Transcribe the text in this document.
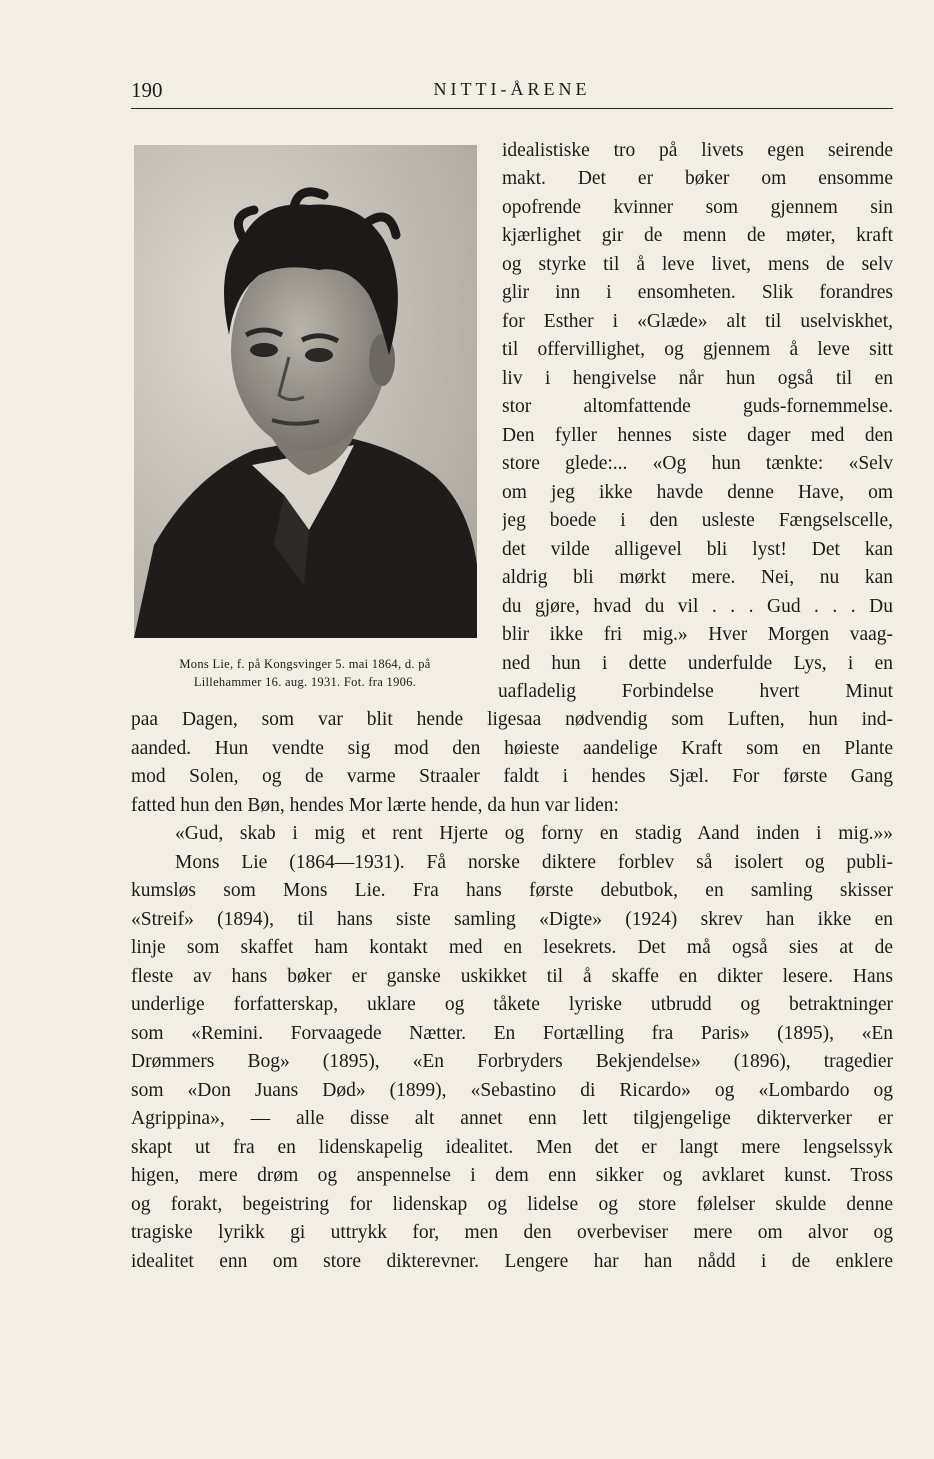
190	NITTI-ÅRENE
Mons Lie, f. på Kongsvinger 5. mai 1864, d. på
Lillehammer 16. aug. 1931. Fot. fra 1906.

idealistiske tro på livets egen seirende

makt. Det er bøker om ensomme

opofrende kvinner som gjennem sin

kjærlighet gir de menn de møter, kraft

og styrke til å leve livet, mens de selv

glir inn i ensomheten. Slik forandres

for Esther i «Glæde» alt til uselviskhet,

til offervillighet, og gjennem å leve sitt

liv i hengivelse når hun også til en

stor altomfattende guds-fornemmelse.

Den fyller hennes siste dager med den

store glede:... «Og hun tænkte: «Selv

om jeg ikke havde denne Have, om

jeg boede i den usleste Fængselscelle,

det vilde alligevel bli lyst! Det kan

aldrig bli mørkt mere. Nei, nu kan

du gjøre, hvad du vil . . . Gud . . . Du

blir ikke fri mig.» Hver Morgen vaag-

ned hun i dette underfulde Lys, i en

uafladelig Forbindelse hvert Minut

paa Dagen, som var blit hende ligesaa nødvendig som Luften, hun ind-

aanded. Hun vendte sig mod den høieste aandelige Kraft som en Plante

mod Solen, og de varme Straaler faldt i hendes Sjæl. For første Gang

fatted hun den Bøn, hendes Mor lærte hende, da hun var liden:

«Gud, skab i mig et rent Hjerte og forny en stadig Aand inden i mig.»»

Mons Lie (1864—1931). Få norske diktere forblev så isolert og publi-

kumsløs som Mons Lie. Fra hans første debutbok, en samling skisser

«Streif» (1894), til hans siste samling «Digte» (1924) skrev han ikke en

linje som skaffet ham kontakt med en lesekrets. Det må også sies at de

fleste av hans bøker er ganske uskikket til å skaffe en dikter lesere. Hans

underlige forfatterskap, uklare og tåkete lyriske utbrudd og betraktninger

som «Remini. Forvaagede Nætter. En Fortælling fra Paris» (1895), «En

Drømmers Bog» (1895), «En Forbryders Bekjendelse» (1896), tragedier

som «Don Juans Død» (1899), «Sebastino di Ricardo» og «Lombardo og

Agrippina», — alle disse alt annet enn lett tilgjengelige dikterverker er

skapt ut fra en lidenskapelig idealitet. Men det er langt mere lengselssyk

higen, mere drøm og anspennelse i dem enn sikker og avklaret kunst. Tross

og forakt, begeistring for lidenskap og lidelse og store følelser skulde denne

tragiske lyrikk gi uttrykk for, men den overbeviser mere om alvor og

idealitet enn om store dikterevner. Lengere har han nådd i de enklere
